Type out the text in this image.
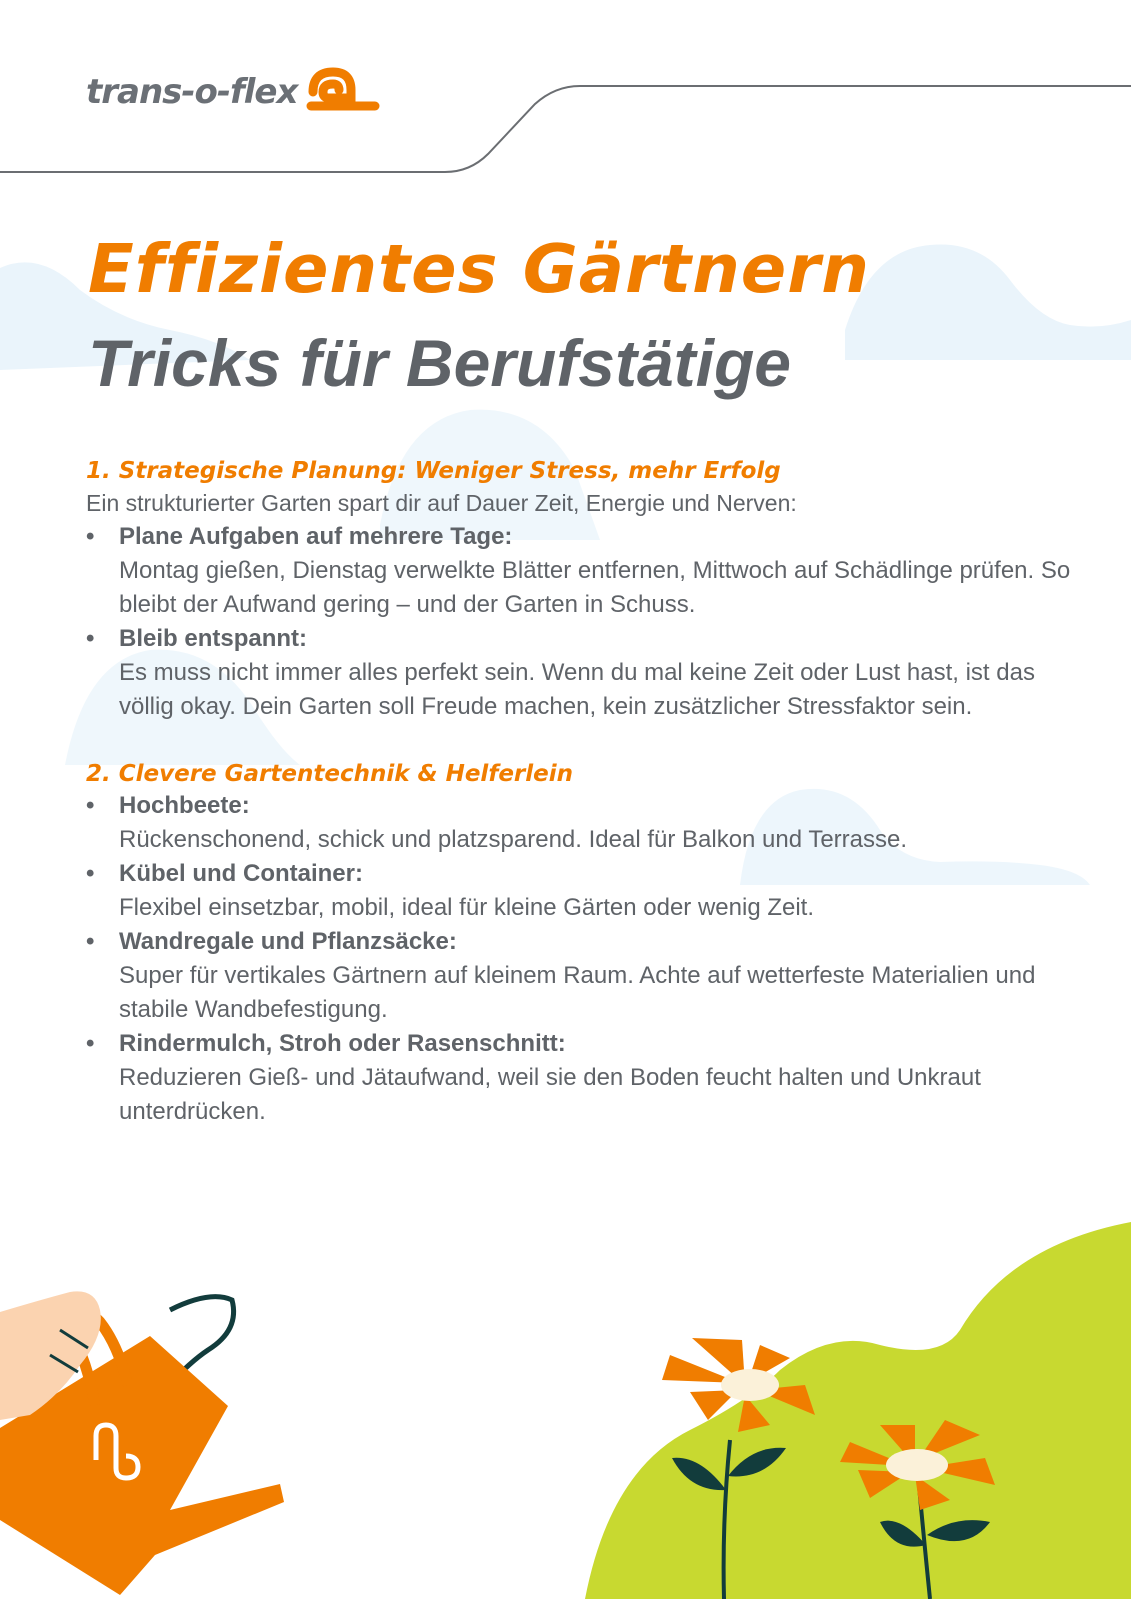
trans-o-flex
Effizientes Gärtnern
Tricks für Berufstätige
1. Strategische Planung: Weniger Stress, mehr Erfolg

Ein strukturierter Garten spart dir auf Dauer Zeit, Energie und Nerven:

• Plane Aufgaben auf mehrere Tage:
Montag gießen, Dienstag verwelkte Blätter entfernen, Mittwoch auf Schädlinge prüfen. So bleibt der Aufwand gering – und der Garten in Schuss.
• Bleib entspannt:
Es muss nicht immer alles perfekt sein. Wenn du mal keine Zeit oder Lust hast, ist das völlig okay. Dein Garten soll Freude machen, kein zusätzlicher Stressfaktor sein.
2. Clevere Gartentechnik & Helferlein
• Hochbeete:
Rückenschonend, schick und platzsparend. Ideal für Balkon und Terrasse.
• Kübel und Container:
Flexibel einsetzbar, mobil, ideal für kleine Gärten oder wenig Zeit.
• Wandregale und Pflanzsäcke:
Super für vertikales Gärtnern auf kleinem Raum. Achte auf wetterfeste Materialien und stabile Wandbefestigung.
• Rindermulch, Stroh oder Rasenschnitt:
Reduzieren Gieß- und Jätaufwand, weil sie den Boden feucht halten und Unkraut unterdrücken.
